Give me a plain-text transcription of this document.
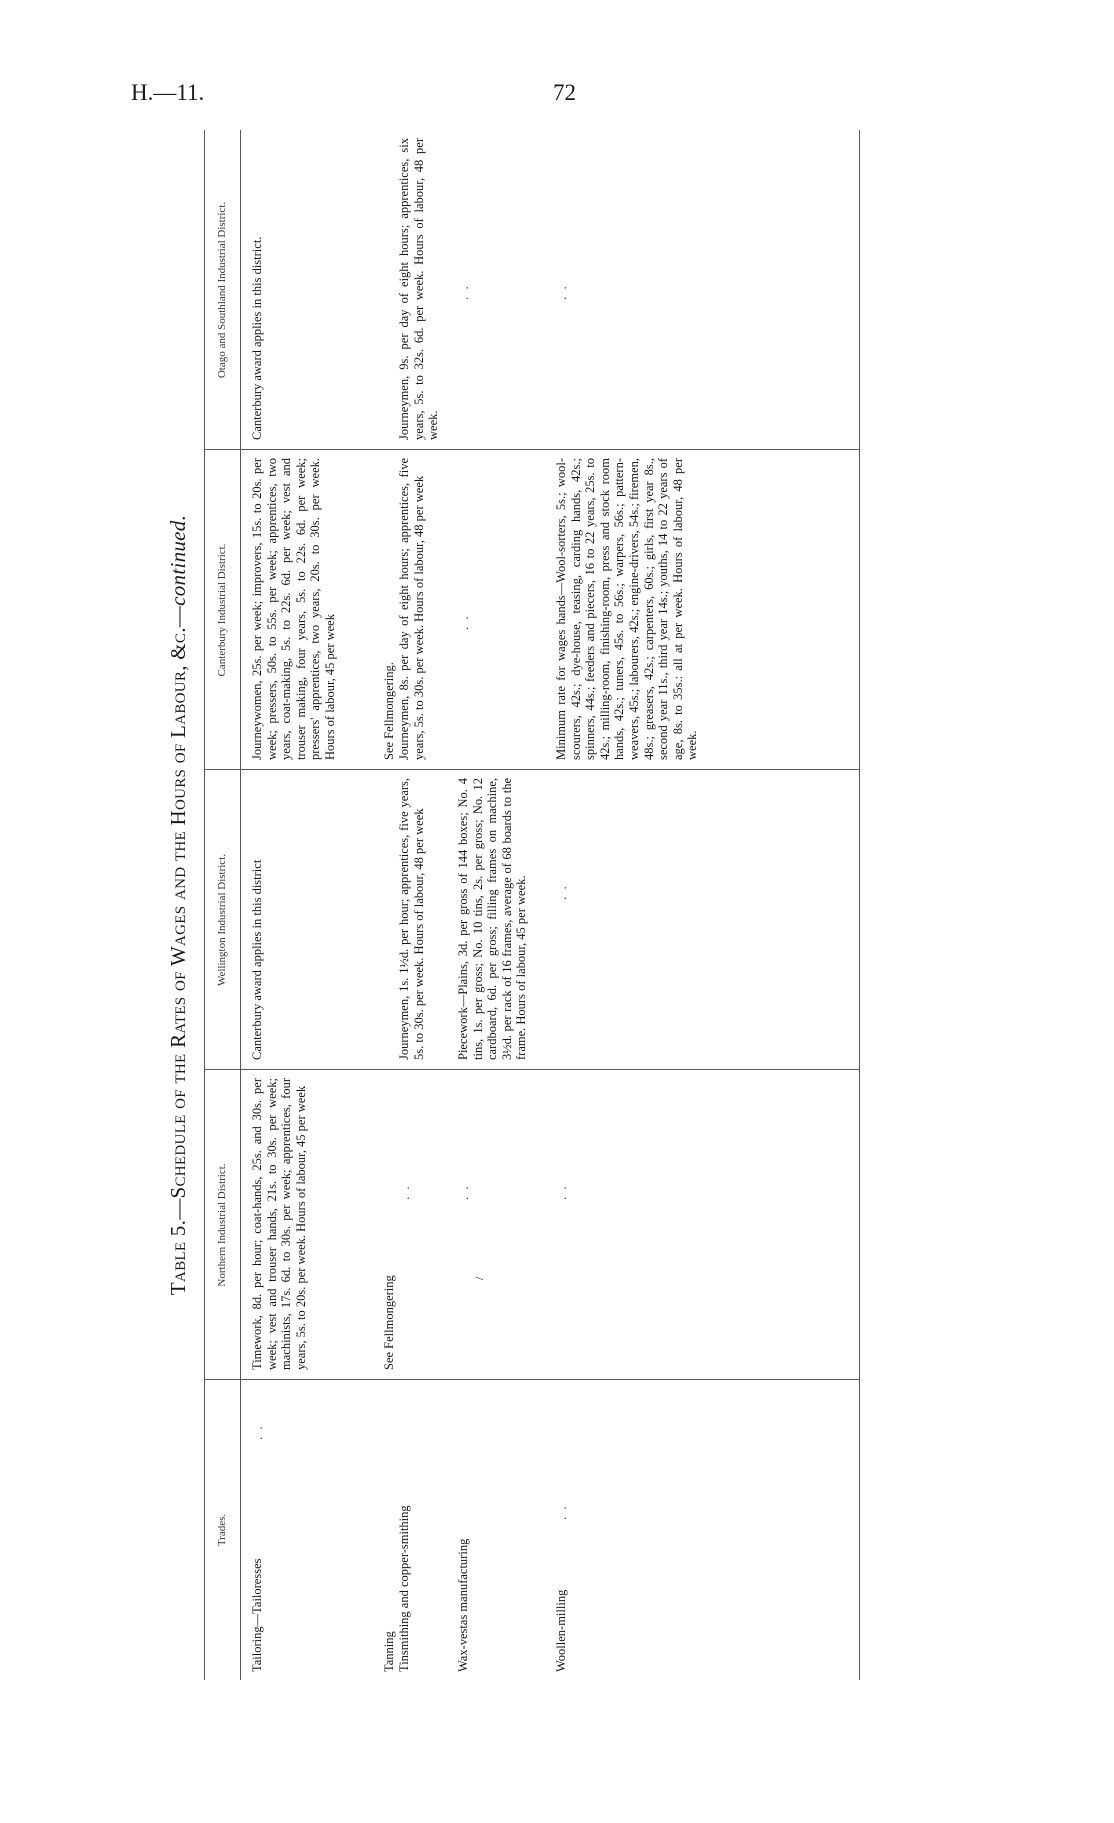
H.—11.	72
Table 5.—Schedule of the Rates of Wages and the Hours of Labour, &c.—continued.
Trades.
Northern Industrial District.
Wellington Industrial District.
Canterbury Industrial District.
Otago and Southland Industrial District.
Tailoring—Tailoresses
. .
Timework, 8d. per hour; coat-hands, 25s. and 30s. per week; vest and trouser hands, 21s. to 30s. per week; machinists, 17s. 6d. to 30s. per week; apprentices, four years, 5s. to 20s. per week. Hours of labour, 45 per week
Canterbury award applies in this district
Journeywomen, 25s. per week; improvers, 15s. to 20s. per week; pressers, 50s. to 55s. per week; apprentices, two years, coat-making, 5s. to 22s. 6d. per week; vest and trouser making, four years, 5s. to 22s. 6d. per week; pressers' apprentices, two years, 20s. to 30s. per week. Hours of labour, 45 per week
Canterbury award applies in this district.
Tanning
See Fellmongering
See Fellmongering.
Tinsmithing and copper-smithing
. .
Journeymen, 1s. 1½d. per hour; apprentices, five years, 5s. to 30s. per week. Hours of labour, 48 per week
Journeymen, 8s. per day of eight hours; apprentices, five years, 5s. to 30s. per week. Hours of labour, 48 per week
Journeymen, 9s. per day of eight hours; apprentices, six years, 5s. to 32s. 6d. per week. Hours of labour, 48 per week.
Wax-vestas manufacturing
. .
/
Piecework—Plains, 3d. per gross of 144 boxes; No. 4 tins, 1s. per gross; No. 10 tins, 2s. per gross; No. 12 cardboard, 6d. per gross; filling frames on machine, 3½d. per rack of 16 frames, average of 68 boards to the frame. Hours of labour, 45 per week.
. .
. .
Woollen-milling
. .
. .
. .
Minimum rate for wages hands—Wool-sorters, 5s.; wool-scourers, 42s.; dye-house, teasing, carding hands, 42s.; spinners, 44s.; feeders and piecers, 16 to 22 years, 25s. to 42s.; milling-room, finishing-room, press and stock room hands, 42s.; tuners, 45s. to 56s.; warpers, 56s.; pattern-weavers, 45s.; labourers, 42s.; engine-drivers, 54s.; firemen, 48s.; greasers, 42s.; carpenters, 60s.; girls, first year 8s., second year 11s., third year 14s.; youths, 14 to 22 years of age, 8s. to 35s.: all at per week. Hours of labour, 48 per week.
. .
